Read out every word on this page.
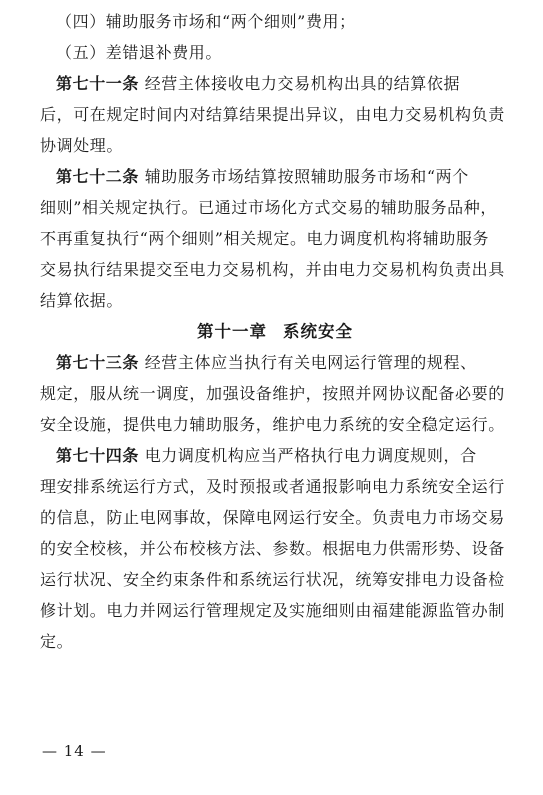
（四）辅助服务市场和“两个细则”费用；
（五）差错退补费用。
第七十一条 经营主体接收电力交易机构出具的结算依据
后，可在规定时间内对结算结果提出异议，由电力交易机构负责
协调处理。
第七十二条 辅助服务市场结算按照辅助服务市场和“两个
细则”相关规定执行。已通过市场化方式交易的辅助服务品种，
不再重复执行“两个细则”相关规定。电力调度机构将辅助服务
交易执行结果提交至电力交易机构，并由电力交易机构负责出具
结算依据。
第十一章 系统安全
第七十三条 经营主体应当执行有关电网运行管理的规程、
规定，服从统一调度，加强设备维护，按照并网协议配备必要的
安全设施，提供电力辅助服务，维护电力系统的安全稳定运行。
第七十四条 电力调度机构应当严格执行电力调度规则，合
理安排系统运行方式，及时预报或者通报影响电力系统安全运行
的信息，防止电网事故，保障电网运行安全。负责电力市场交易
的安全校核，并公布校核方法、参数。根据电力供需形势、设备
运行状况、安全约束条件和系统运行状况，统筹安排电力设备检
修计划。电力并网运行管理规定及实施细则由福建能源监管办制
定。
— 14 —
